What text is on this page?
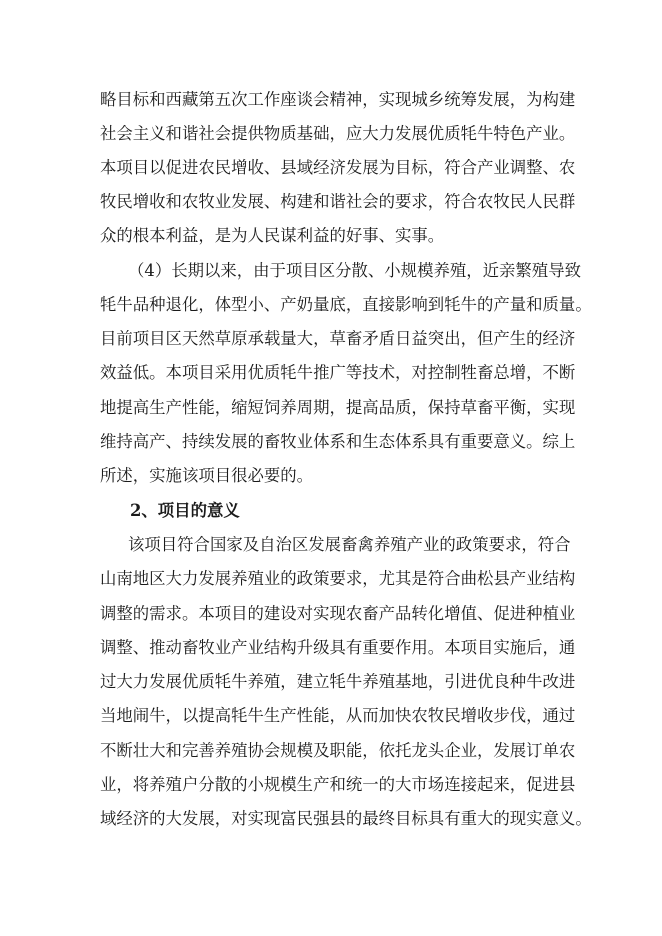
略目标和西藏第五次工作座谈会精神，实现城乡统筹发展，为构建
社会主义和谐社会提供物质基础，应大力发展优质牦牛特色产业。
本项目以促进农民增收、县域经济发展为目标，符合产业调整、农
牧民增收和农牧业发展、构建和谐社会的要求，符合农牧民人民群
众的根本利益，是为人民谋利益的好事、实事。
（4）长期以来，由于项目区分散、小规模养殖，近亲繁殖导致
牦牛品种退化，体型小、产奶量底，直接影响到牦牛的产量和质量。
目前项目区天然草原承载量大，草畜矛盾日益突出，但产生的经济
效益低。本项目采用优质牦牛推广等技术，对控制牲畜总增，不断
地提高生产性能，缩短饲养周期，提高品质，保持草畜平衡，实现
维持高产、持续发展的畜牧业体系和生态体系具有重要意义。综上
所述，实施该项目很必要的。
2、项目的意义
该项目符合国家及自治区发展畜禽养殖产业的政策要求，符合
山南地区大力发展养殖业的政策要求，尤其是符合曲松县产业结构
调整的需求。本项目的建设对实现农畜产品转化增值、促进种植业
调整、推动畜牧业产业结构升级具有重要作用。本项目实施后，通
过大力发展优质牦牛养殖，建立牦牛养殖基地，引进优良种牛改进
当地闹牛，以提高牦牛生产性能，从而加快农牧民增收步伐，通过
不断壮大和完善养殖协会规模及职能，依托龙头企业，发展订单农
业，将养殖户分散的小规模生产和统一的大市场连接起来，促进县
域经济的大发展，对实现富民强县的最终目标具有重大的现实意义。
